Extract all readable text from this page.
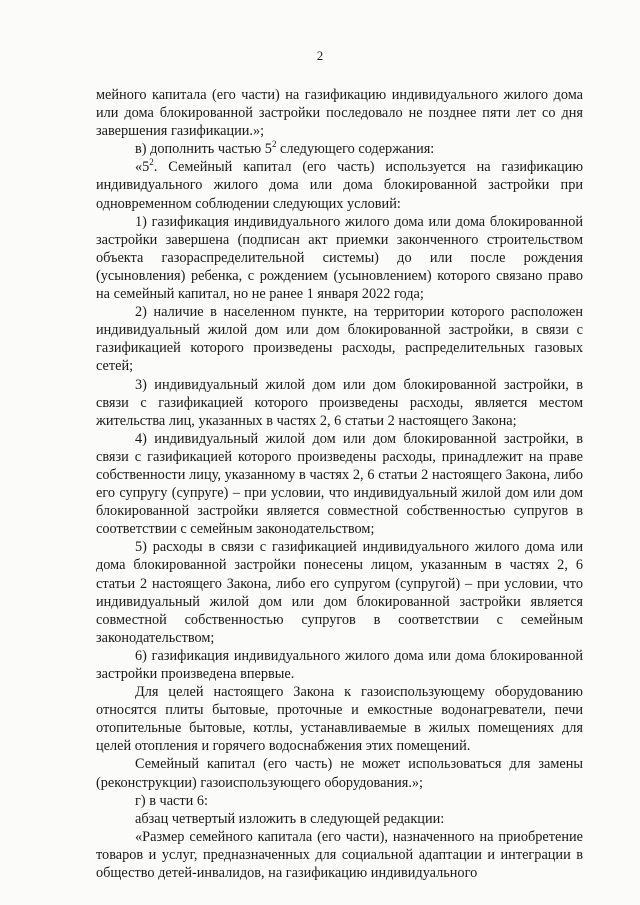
2

мейного капитала (его части) на газификацию индивидуального жилого дома или дома блокированной застройки последовало не позднее пяти лет со дня завершения газификации.»;

в) дополнить частью $5^2$ следующего содержания:

«$5^2$. Семейный капитал (его часть) используется на газификацию индивидуального жилого дома или дома блокированной застройки при одновременном соблюдении следующих условий:

1) газификация индивидуального жилого дома или дома блокированной застройки завершена (подписан акт приемки законченного строительством объекта газораспределительной системы) до или после рождения (усыновления) ребенка, с рождением (усыновлением) которого связано право на семейный капитал, но не ранее 1 января 2022 года;

2) наличие в населенном пункте, на территории которого расположен индивидуальный жилой дом или дом блокированной застройки, в связи с газификацией которого произведены расходы, распределительных газовых сетей;

3) индивидуальный жилой дом или дом блокированной застройки, в связи с газификацией которого произведены расходы, является местом жительства лиц, указанных в частях 2, 6 статьи 2 настоящего Закона;

4) индивидуальный жилой дом или дом блокированной застройки, в связи с газификацией которого произведены расходы, принадлежит на праве собственности лицу, указанному в частях 2, 6 статьи 2 настоящего Закона, либо его супругу (супруге) – при условии, что индивидуальный жилой дом или дом блокированной застройки является совместной собственностью супругов в соответствии с семейным законодательством;

5) расходы в связи с газификацией индивидуального жилого дома или дома блокированной застройки понесены лицом, указанным в частях 2, 6 статьи 2 настоящего Закона, либо его супругом (супругой) – при условии, что индивидуальный жилой дом или дом блокированной застройки является совместной собственностью супругов в соответствии с семейным законодательством;

6) газификация индивидуального жилого дома или дома блокированной застройки произведена впервые.

Для целей настоящего Закона к газоиспользующему оборудованию относятся плиты бытовые, проточные и емкостные водонагреватели, печи отопительные бытовые, котлы, устанавливаемые в жилых помещениях для целей отопления и горячего водоснабжения этих помещений.

Семейный капитал (его часть) не может использоваться для замены (реконструкции) газоиспользующего оборудования.»;

г) в части 6:

абзац четвертый изложить в следующей редакции:

«Размер семейного капитала (его части), назначенного на приобретение товаров и услуг, предназначенных для социальной адаптации и интеграции в общество детей-инвалидов, на газификацию индивидуального
